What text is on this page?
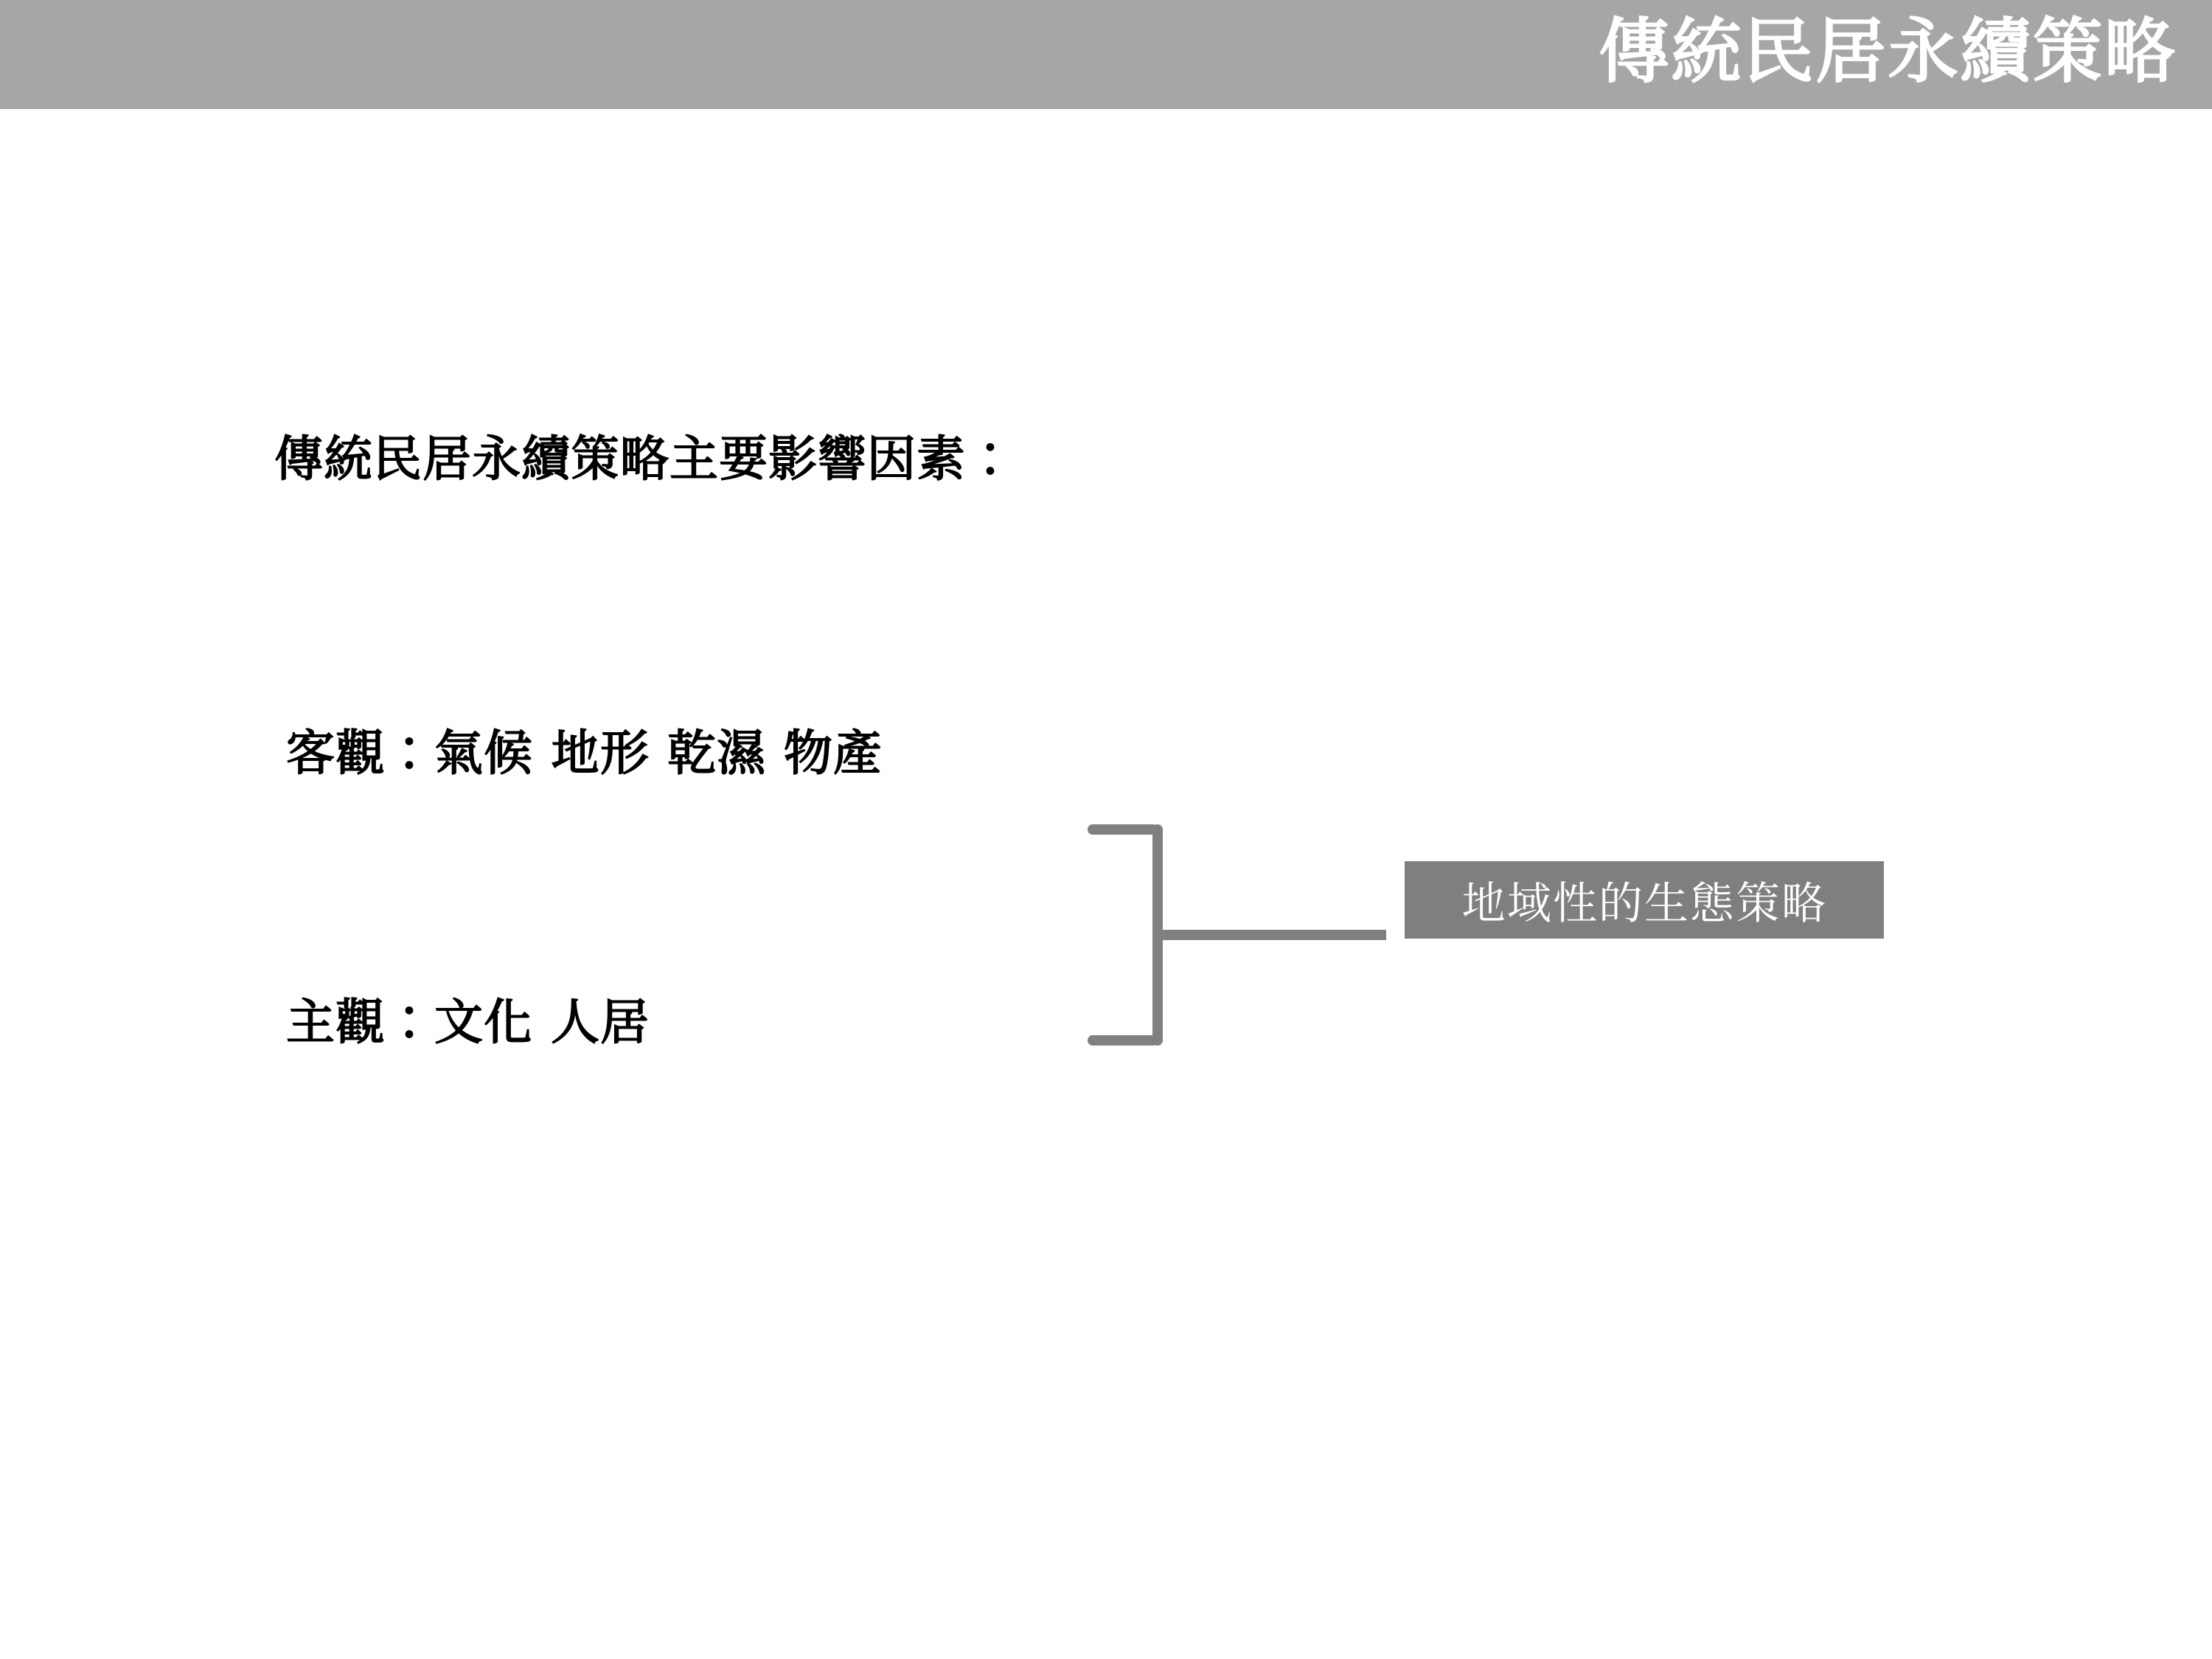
傳統民居永續策略
傳統民居永續策略主要影響因素：
客觀：氣候 地形 乾濕 物產
主觀：文化 人居
地域性的生態策略
